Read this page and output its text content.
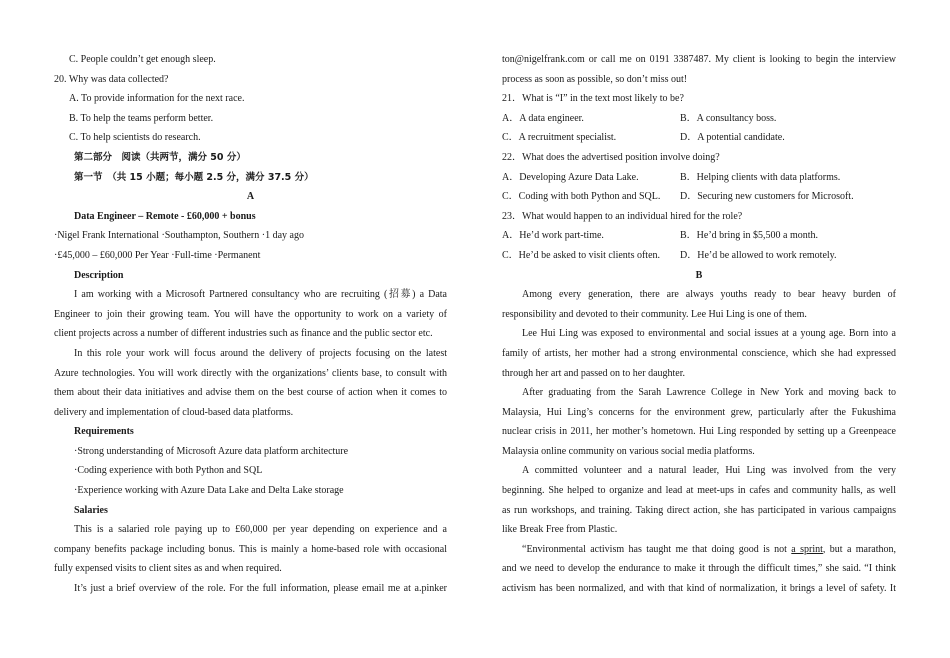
C. People couldn’t get enough sleep.
20. Why was data collected?
A. To provide information for the next race.
B. To help the teams perform better.
C. To help scientists do research.
第二部分　阅读（共两节，满分 50 分）
第一节　（共 15 小题；每小题 2.5 分，满分 37.5 分）
A
Data Engineer – Remote - £60,000 + bonus
·Nigel Frank International ·Southampton, Southern ·1 day ago
·£45,000 – £60,000 Per Year ·Full-time ·Permanent
Description
I am working with a Microsoft Partnered consultancy who are recruiting (招募) a Data
Engineer to join their growing team. You will have the opportunity to work on a variety of
client projects across a number of different industries such as finance and the public sector etc.
In this role your work will focus around the delivery of projects focusing on the latest
Azure technologies. You will work directly with the organizations’ clients base, to consult with
them about their data initiatives and advise them on the best course of action when it comes to
delivery and implementation of cloud-based data platforms.
Requirements
·Strong understanding of Microsoft Azure data platform architecture
·Coding experience with both Python and SQL
·Experience working with Azure Data Lake and Delta Lake storage
Salaries
This is a salaried role paying up to £60,000 per year depending on experience and a
company benefits package including bonus. This is mainly a home-based role with occasional
fully expensed visits to client sites as and when required.
It’s just a brief overview of the role. For the full information, please email me at a.pinker
ton@nigelfrank.com or call me on 0191 3387487. My client is looking to begin the interview
process as soon as possible, so don’t miss out!
21．What is “I” in the text most likely to be?
A．A data engineer.	B．A consultancy boss.
C．A recruitment specialist.	D．A potential candidate.
22．What does the advertised position involve doing?
A．Developing Azure Data Lake.	B．Helping clients with data platforms.
C．Coding with both Python and SQL.	D．Securing new customers for Microsoft.
23．What would happen to an individual hired for the role?
A．He’d work part-time.	B．He’d bring in $5,500 a month.
C．He’d be asked to visit clients often.	D．He’d be allowed to work remotely.
B
Among every generation, there are always youths ready to bear heavy burden of
responsibility and devoted to their community. Lee Hui Ling is one of them.
Lee Hui Ling was exposed to environmental and social issues at a young age. Born into a
family of artists, her mother had a strong environmental conscience, which she had expressed
through her art and passed on to her daughter.
After graduating from the Sarah Lawrence College in New York and moving back to
Malaysia, Hui Ling’s concerns for the environment grew, particularly after the Fukushima
nuclear crisis in 2011, her mother’s hometown. Hui Ling responded by setting up a Greenpeace
Malaysia online community on various social media platforms.
A committed volunteer and a natural leader, Hui Ling was involved from the very
beginning. She helped to organize and lead at meet-ups in cafes and community halls, as well
as run workshops, and training. Taking direct action, she has participated in various campaigns
like Break Free from Plastic.
“Environmental activism has taught me that doing good is not a sprint, but a marathon,
and we need to develop the endurance to make it through the difficult times,” she said. “I think
activism has been normalized, and with that kind of normalization, it brings a level of safety. It
